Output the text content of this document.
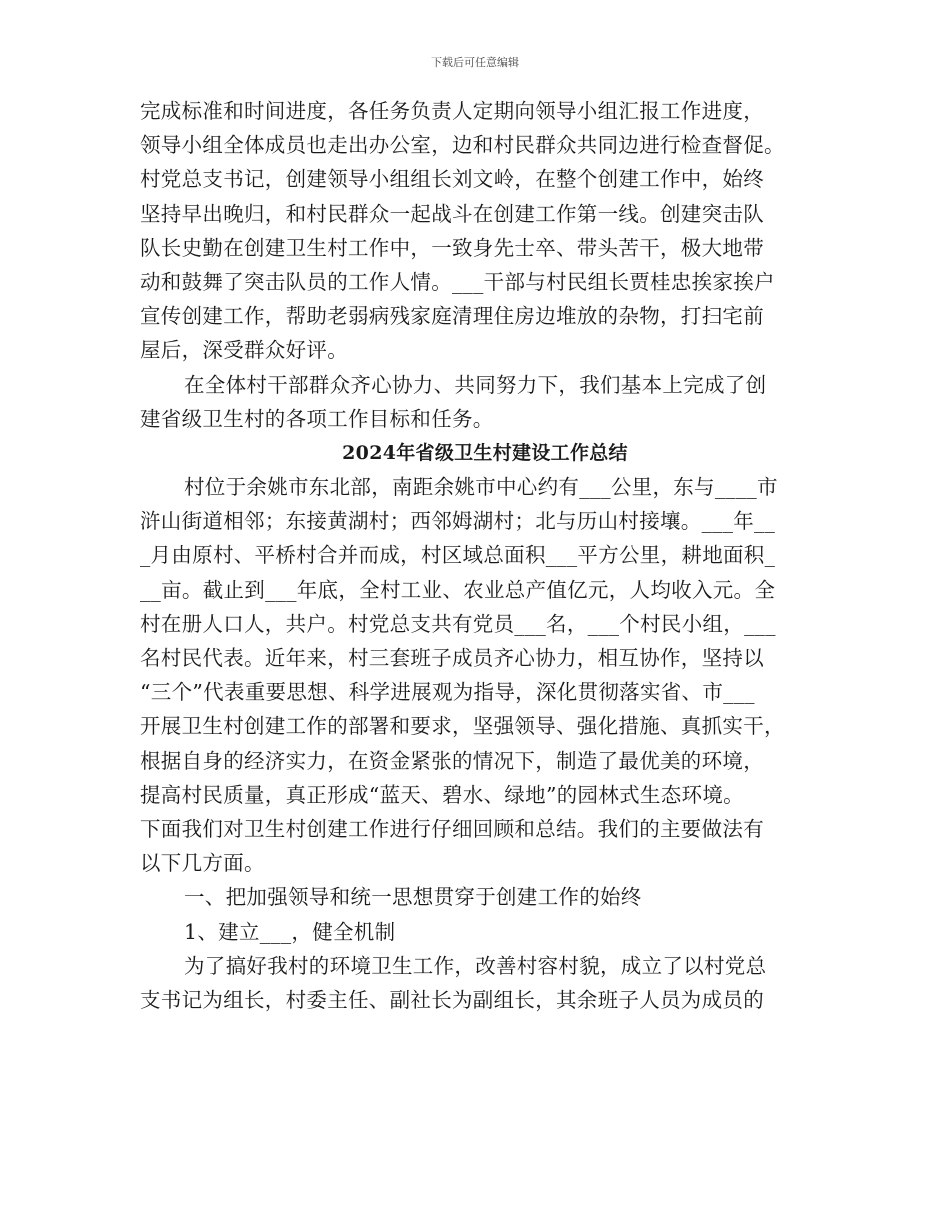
下载后可任意编辑
完成标准和时间进度，各任务负责人定期向领导小组汇报工作进度，
领导小组全体成员也走出办公室，边和村民群众共同边进行检查督促。
村党总支书记，创建领导小组组长刘文岭，在整个创建工作中，始终
坚持早出晚归，和村民群众一起战斗在创建工作第一线。创建突击队
队长史勤在创建卫生村工作中，一致身先士卒、带头苦干，极大地带
动和鼓舞了突击队员的工作人情。___干部与村民组长贾桂忠挨家挨户
宣传创建工作，帮助老弱病残家庭清理住房边堆放的杂物，打扫宅前
屋后，深受群众好评。
在全体村干部群众齐心协力、共同努力下，我们基本上完成了创
建省级卫生村的各项工作目标和任务。
2024年省级卫生村建设工作总结
村位于余姚市东北部，南距余姚市中心约有___公里，东与____市
浒山街道相邻；东接黄湖村；西邻姆湖村；北与历山村接壤。___年__
_月由原村、平桥村合并而成，村区域总面积___平方公里，耕地面积_
__亩。截止到___年底，全村工业、农业总产值亿元，人均收入元。全
村在册人口人，共户。村党总支共有党员___名，___个村民小组，___
名村民代表。近年来，村三套班子成员齐心协力，相互协作，坚持以
“三个”代表重要思想、科学进展观为指导，深化贯彻落实省、市___
开展卫生村创建工作的部署和要求，坚强领导、强化措施、真抓实干，
根据自身的经济实力，在资金紧张的情况下，制造了最优美的环境，
提高村民质量，真正形成“蓝天、碧水、绿地”的园林式生态环境。
下面我们对卫生村创建工作进行仔细回顾和总结。我们的主要做法有
以下几方面。
一、把加强领导和统一思想贯穿于创建工作的始终
1、建立___，健全机制
为了搞好我村的环境卫生工作，改善村容村貌，成立了以村党总
支书记为组长，村委主任、副社长为副组长，其余班子人员为成员的
